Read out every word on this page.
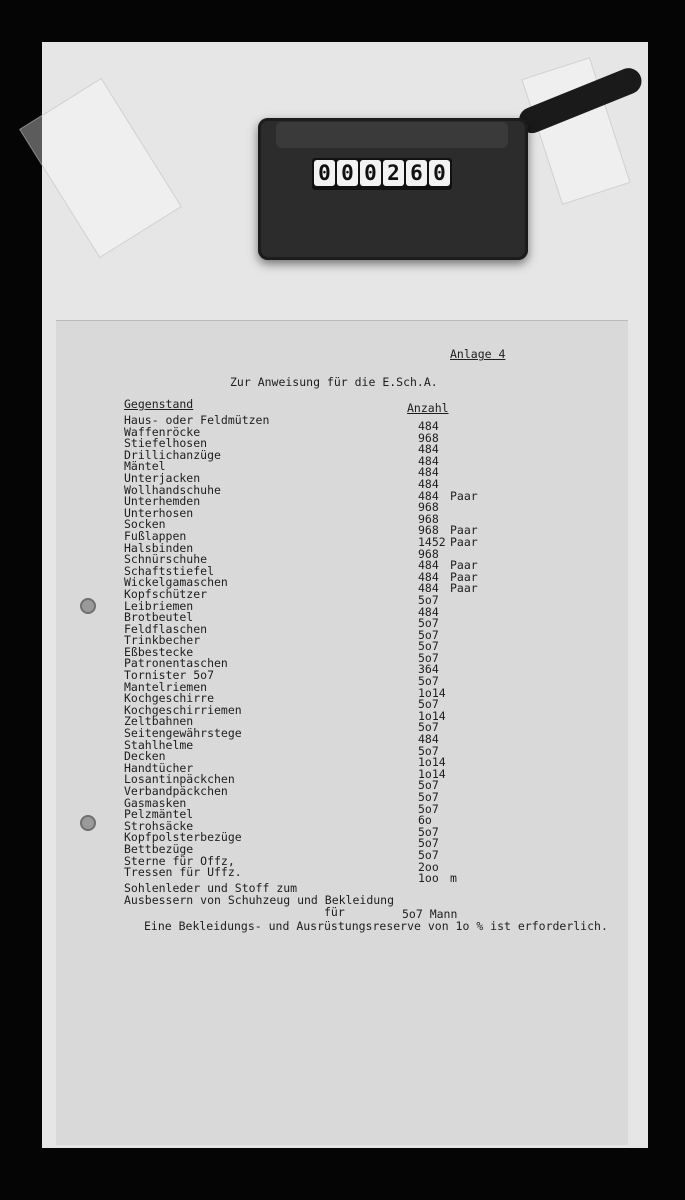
0 0 0 2 6 0
Anlage 4
Zur Anweisung für die E.Sch.A.
Gegenstand	Anzahl
Haus- oder Feldmützen	484
Waffenröcke	968
Stiefelhosen	484
Drillichanzüge	484
Mäntel	484
Unterjacken	484
Wollhandschuhe	484 Paar
Unterhemden	968
Unterhosen	968
Socken	968 Paar
Fußlappen	1452 Paar
Halsbinden	968
Schnürschuhe	484 Paar
Schaftstiefel	484 Paar
Wickelgamaschen	484 Paar
Kopfschützer	5o7
Leibriemen	484
Brotbeutel	5o7
Feldflaschen	5o7
Trinkbecher	5o7
Eßbestecke	5o7
Patronentaschen	364
Tornister 5o7	5o7
Mantelriemen	1o14
Kochgeschirre	5o7
Kochgeschirriemen	1o14
Zeltbahnen	5o7
Seitengewährstege	484
Stahlhelme	5o7
Decken	1o14
Handtücher	1o14
Losantinpäckchen	5o7
Verbandpäckchen	5o7
Gasmasken	5o7
Pelzmäntel	6o
Strohsäcke	5o7
Kopfpolsterbezüge	5o7
Bettbezüge	5o7
Sterne für Offz,	2oo
Tressen für Uffz.	1oo m
Sohlenleder und Stoff zum
Ausbessern von Schuhzeug und Bekleidung
für	5o7 Mann
Eine Bekleidungs- und Ausrüstungsreserve von 1o % ist erforderlich.
